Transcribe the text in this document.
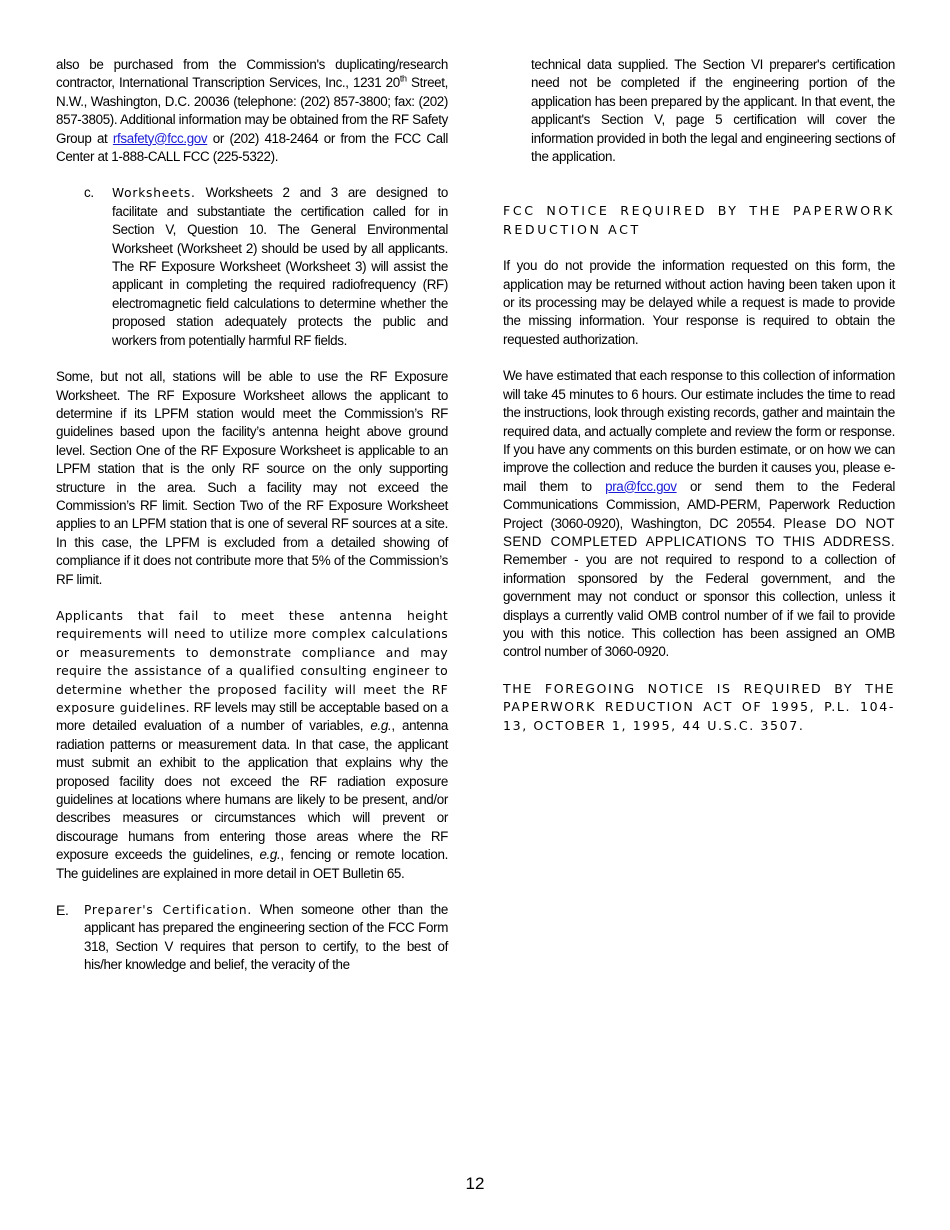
also be purchased from the Commission's duplicating/research contractor, International Transcription Services, Inc., 1231 20th Street, N.W., Washington, D.C. 20036 (telephone: (202) 857-3800; fax: (202) 857-3805). Additional information may be obtained from the RF Safety Group at rfsafety@fcc.gov or (202) 418-2464 or from the FCC Call Center at 1-888-CALL FCC (225-5322).

c. Worksheets. Worksheets 2 and 3 are designed to facilitate and substantiate the certification called for in Section V, Question 10. The General Environmental Worksheet (Worksheet 2) should be used by all applicants. The RF Exposure Worksheet (Worksheet 3) will assist the applicant in completing the required radiofrequency (RF) electromagnetic field calculations to determine whether the proposed station adequately protects the public and workers from potentially harmful RF fields.

Some, but not all, stations will be able to use the RF Exposure Worksheet. The RF Exposure Worksheet allows the applicant to determine if its LPFM station would meet the Commission’s RF guidelines based upon the facility’s antenna height above ground level. Section One of the RF Exposure Worksheet is applicable to an LPFM station that is the only RF source on the only supporting structure in the area. Such a facility may not exceed the Commission’s RF limit. Section Two of the RF Exposure Worksheet applies to an LPFM station that is one of several RF sources at a site. In this case, the LPFM is excluded from a detailed showing of compliance if it does not contribute more that 5% of the Commission’s RF limit.

Applicants that fail to meet these antenna height requirements will need to utilize more complex calculations or measurements to demonstrate compliance and may require the assistance of a qualified consulting engineer to determine whether the proposed facility will meet the RF exposure guidelines. RF levels may still be acceptable based on a more detailed evaluation of a number of variables, e.g., antenna radiation patterns or measurement data. In that case, the applicant must submit an exhibit to the application that explains why the proposed facility does not exceed the RF radiation exposure guidelines at locations where humans are likely to be present, and/or describes measures or circumstances which will prevent or discourage humans from entering those areas where the RF exposure exceeds the guidelines, e.g., fencing or remote location. The guidelines are explained in more detail in OET Bulletin 65.

E. Preparer's Certification. When someone other than the applicant has prepared the engineering section of the FCC Form 318, Section V requires that person to certify, to the best of his/her knowledge and belief, the veracity of the

technical data supplied. The Section VI preparer's certification need not be completed if the engineering portion of the application has been prepared by the applicant. In that event, the applicant's Section V, page 5 certification will cover the information provided in both the legal and engineering sections of the application.

FCC NOTICE REQUIRED BY THE PAPERWORK REDUCTION ACT

If you do not provide the information requested on this form, the application may be returned without action having been taken upon it or its processing may be delayed while a request is made to provide the missing information. Your response is required to obtain the requested authorization.

We have estimated that each response to this collection of information will take 45 minutes to 6 hours. Our estimate includes the time to read the instructions, look through existing records, gather and maintain the required data, and actually complete and review the form or response. If you have any comments on this burden estimate, or on how we can improve the collection and reduce the burden it causes you, please e-mail them to pra@fcc.gov or send them to the Federal Communications Commission, AMD-PERM, Paperwork Reduction Project (3060-0920), Washington, DC 20554. Please DO NOT SEND COMPLETED APPLICATIONS TO THIS ADDRESS. Remember - you are not required to respond to a collection of information sponsored by the Federal government, and the government may not conduct or sponsor this collection, unless it displays a currently valid OMB control number of if we fail to provide you with this notice. This collection has been assigned an OMB control number of 3060-0920.

THE FOREGOING NOTICE IS REQUIRED BY THE PAPERWORK REDUCTION ACT OF 1995, P.L. 104-13, OCTOBER 1, 1995, 44 U.S.C. 3507.

12
